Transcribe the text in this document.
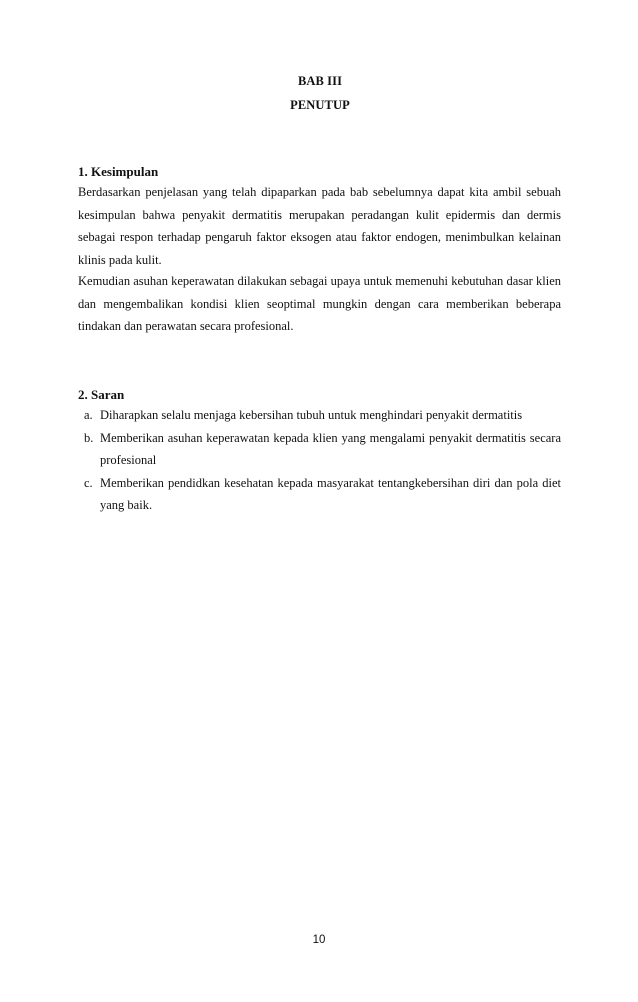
BAB III
PENUTUP
1. Kesimpulan

Berdasarkan penjelasan yang telah dipaparkan pada bab sebelumnya dapat kita ambil sebuah kesimpulan bahwa penyakit dermatitis merupakan peradangan kulit epidermis dan dermis sebagai respon terhadap pengaruh faktor eksogen atau faktor endogen, menimbulkan kelainan klinis pada kulit.

Kemudian asuhan keperawatan dilakukan sebagai upaya untuk memenuhi kebutuhan dasar klien dan mengembalikan kondisi klien seoptimal mungkin dengan cara memberikan beberapa tindakan dan perawatan secara profesional.

2. Saran
a. Diharapkan selalu menjaga kebersihan tubuh untuk menghindari penyakit dermatitis
b. Memberikan asuhan keperawatan kepada klien yang mengalami penyakit dermatitis secara profesional
c. Memberikan pendidkan kesehatan kepada masyarakat tentangkebersihan diri dan pola diet yang baik.
10
